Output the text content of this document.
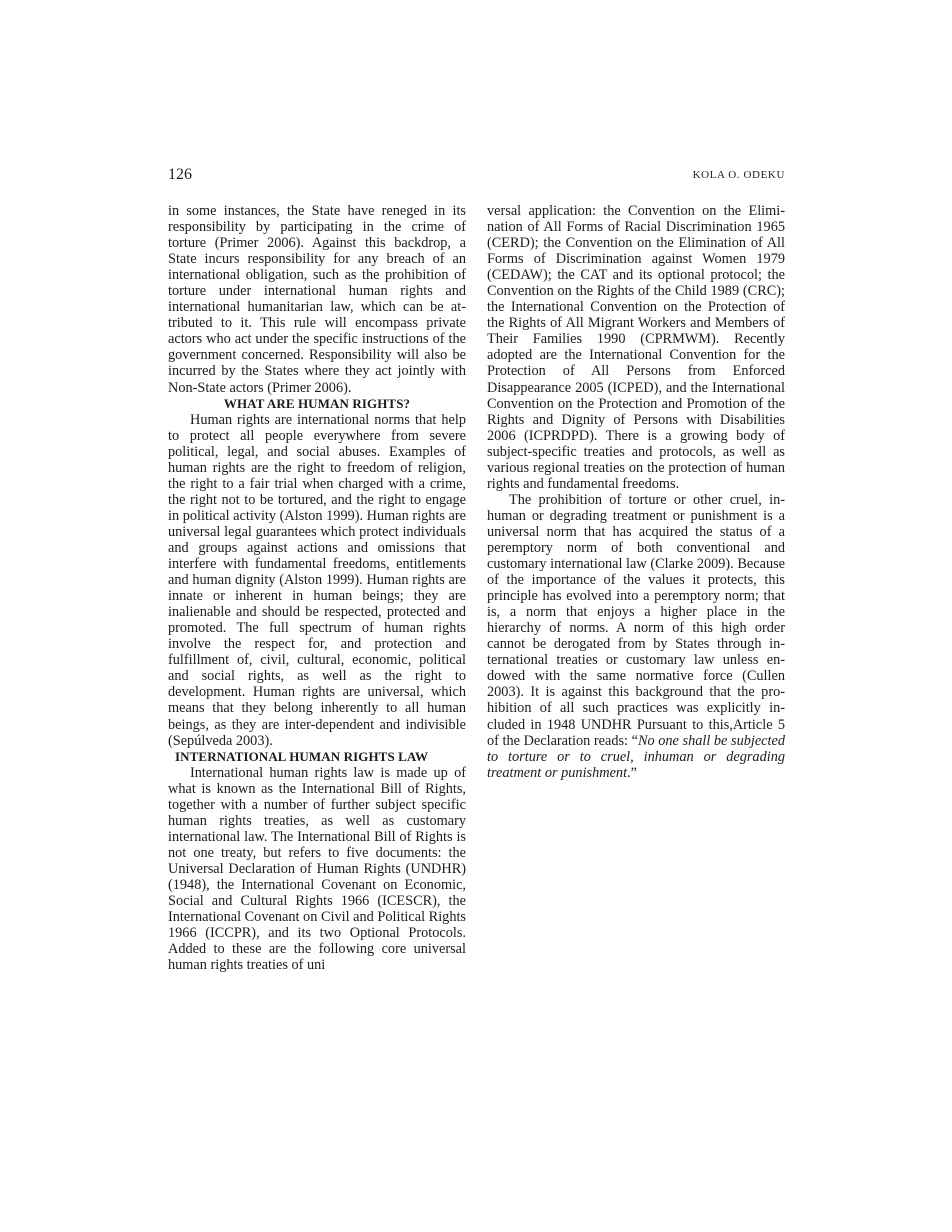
126	KOLA O. ODEKU

in some instances, the State have reneged in its responsibility by participating in the crime of torture (Primer 2006). Against this backdrop, a State incurs responsibility for any breach of an international obligation, such as the prohibition of torture under international human rights and international humanitarian law, which can be attributed to it. This rule will encompass private actors who act under the specific instructions of the government concerned. Responsibility will also be incurred by the States where they act jointly with Non-State actors (Primer 2006).

WHAT ARE HUMAN RIGHTS?

Human rights are international norms that help to protect all people everywhere from severe political, legal, and social abuses. Examples of human rights are the right to freedom of religion, the right to a fair trial when charged with a crime, the right not to be tortured, and the right to engage in political activity (Alston 1999). Human rights are universal legal guarantees which protect individuals and groups against actions and omissions that interfere with fundamental freedoms, entitlements and human dignity (Alston 1999). Human rights are innate or inherent in human beings; they are inalienable and should be respected, protected and promoted. The full spectrum of human rights involve the respect for, and protection and fulfillment of, civil, cultural, economic, political and social rights, as well as the right to development. Human rights are universal, which means that they belong inherently to all human beings, as they are inter-dependent and indivisible (Sepúlveda 2003).

INTERNATIONAL HUMAN RIGHTS LAW

International human rights law is made up of what is known as the International Bill of Rights, together with a number of further subject specific human rights treaties, as well as customary international law. The International Bill of Rights is not one treaty, but refers to five documents: the Universal Declaration of Human Rights (UNDHR) (1948), the International Covenant on Economic, Social and Cultural Rights 1966 (ICESCR), the International Covenant on Civil and Political Rights 1966 (ICCPR), and its two Optional Protocols. Added to these are the following core universal human rights treaties of uni

versal application: the Convention on the Elimination of All Forms of Racial Discrimination 1965 (CERD); the Convention on the Elimination of All Forms of Discrimination against Women 1979 (CEDAW); the CAT and its optional protocol; the Convention on the Rights of the Child 1989 (CRC); the International Convention on the Protection of the Rights of All Migrant Workers and Members of Their Families 1990 (CPRMWM). Recently adopted are the International Convention for the Protection of All Persons from Enforced Disappearance 2005 (ICPED), and the International Convention on the Protection and Promotion of the Rights and Dignity of Persons with Disabilities 2006 (ICPRDPD). There is a growing body of subject-specific treaties and protocols, as well as various regional treaties on the protection of human rights and fundamental freedoms.

The prohibition of torture or other cruel, inhuman or degrading treatment or punishment is a universal norm that has acquired the status of a peremptory norm of both conventional and customary international law (Clarke 2009). Because of the importance of the values it protects, this principle has evolved into a peremptory norm; that is, a norm that enjoys a higher place in the hierarchy of norms. A norm of this high order cannot be derogated from by States through international treaties or customary law unless endowed with the same normative force (Cullen 2003). It is against this background that the prohibition of all such practices was explicitly included in 1948 UNDHR Pursuant to this,Article 5 of the Declaration reads: “No one shall be subjected to torture or to cruel, inhuman or degrading treatment or punishment.”
